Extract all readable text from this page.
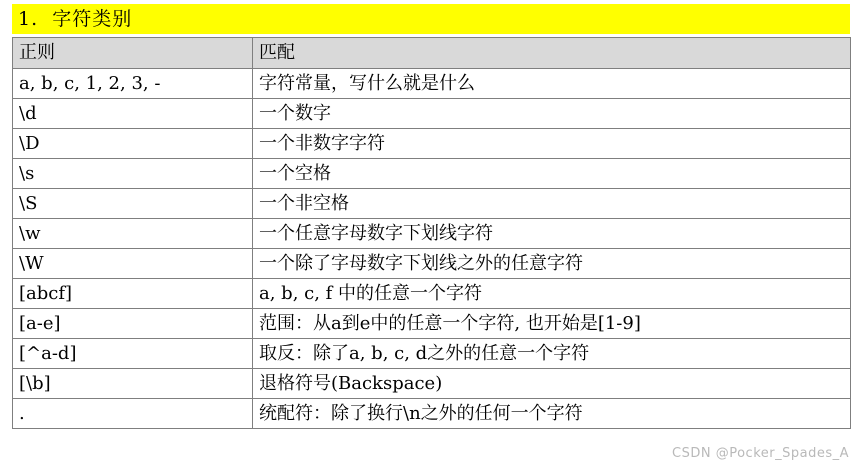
1.  字符类别
正则	匹配
a, b, c, 1, 2, 3, -	字符常量，写什么就是什么
\d	一个数字
\D	一个非数字字符
\s	一个空格
\S	一个非空格
\w	一个任意字母数字下划线字符
\W	一个除了字母数字下划线之外的任意字符
[abcf]	a, b, c, f 中的任意一个字符
[a-e]	范围：从a到e中的任意一个字符, 也开始是[1-9]
[^a-d]	取反：除了a, b, c, d之外的任意一个字符
[\b]	退格符号(Backspace)
.	统配符：除了换行\n之外的任何一个字符
CSDN @Pocker_Spades_A
